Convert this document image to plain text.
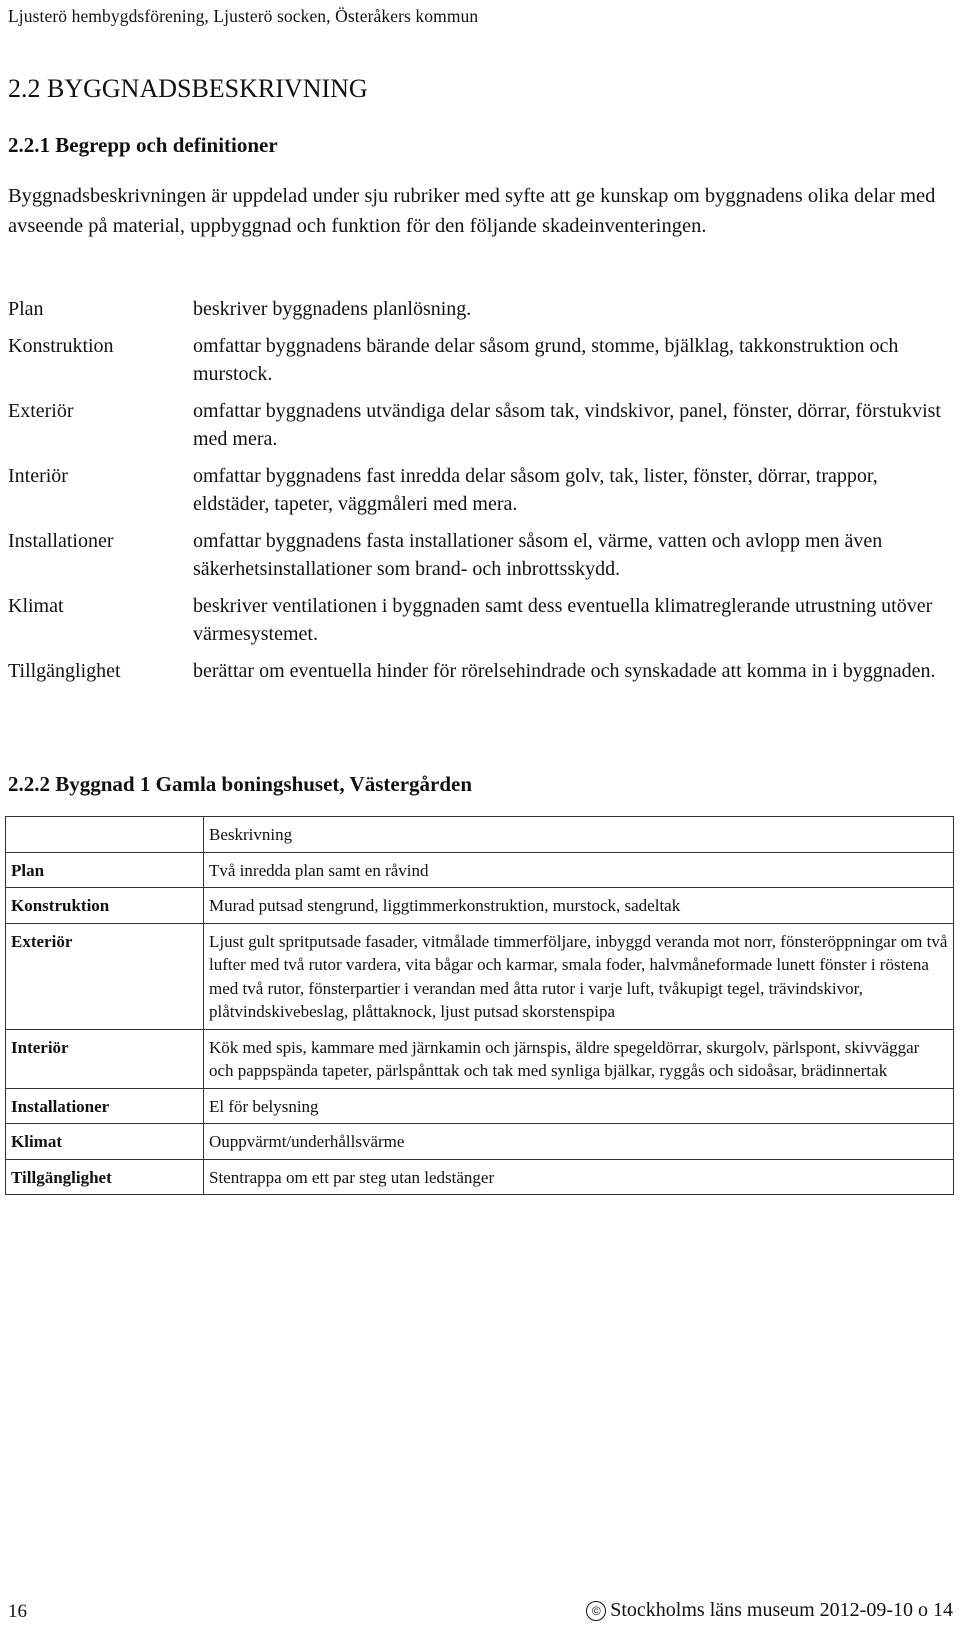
Ljusterö hembygdsförening, Ljusterö socken, Österåkers kommun
2.2 BYGGNADSBESKRIVNING
2.2.1 Begrepp och definitioner

Byggnadsbeskrivningen är uppdelad under sju rubriker med syfte att ge kunskap om byggnadens olika delar med avseende på material, uppbyggnad och funktion för den följande skadeinventeringen.

Plan	beskriver byggnadens planlösning.
Konstruktion	omfattar byggnadens bärande delar såsom grund, stomme, bjälklag, takkonstruktion och murstock.
Exteriör	omfattar byggnadens utvändiga delar såsom tak, vindskivor, panel, fönster, dörrar, förstukvist med mera.
Interiör	omfattar byggnadens fast inredda delar såsom golv, tak, lister, fönster, dörrar, trappor, eldstäder, tapeter, väggmåleri med mera.
Installationer	omfattar byggnadens fasta installationer såsom el, värme, vatten och avlopp men även säkerhetsinstallationer som brand- och inbrottsskydd.
Klimat	beskriver ventilationen i byggnaden samt dess eventuella klimatreglerande utrustning utöver värmesystemet.
Tillgänglighet	berättar om eventuella hinder för rörelsehindrade och synskadade att komma in i byggnaden.
2.2.2 Byggnad 1 Gamla boningshuset, Västergården
	Beskrivning
Plan	Två inredda plan samt en råvind
Konstruktion	Murad putsad stengrund, liggtimmerkonstruktion, murstock, sadeltak
Exteriör	Ljust gult spritputsade fasader, vitmålade timmerföljare, inbyggd veranda mot norr, fönsteröppningar om två lufter med två rutor vardera, vita bågar och karmar, smala foder, halvmåneformade lunett fönster i röstena med två rutor, fönsterpartier i verandan med åtta rutor i varje luft, tvåkupigt tegel, trävindskivor, plåtvindskivebeslag, plåttaknock, ljust putsad skorstenspipa
Interiör	Kök med spis, kammare med järnkamin och järnspis, äldre spegeldörrar, skurgolv, pärlspont, skivväggar och pappspända tapeter, pärlspånttak och tak med synliga bjälkar, ryggås och sidoåsar, brädinnertak
Installationer	El för belysning
Klimat	Ouppvärmt/underhållsvärme
Tillgänglighet	Stentrappa om ett par steg utan ledstänger
16	© Stockholms läns museum 2012-09-10 o 14
